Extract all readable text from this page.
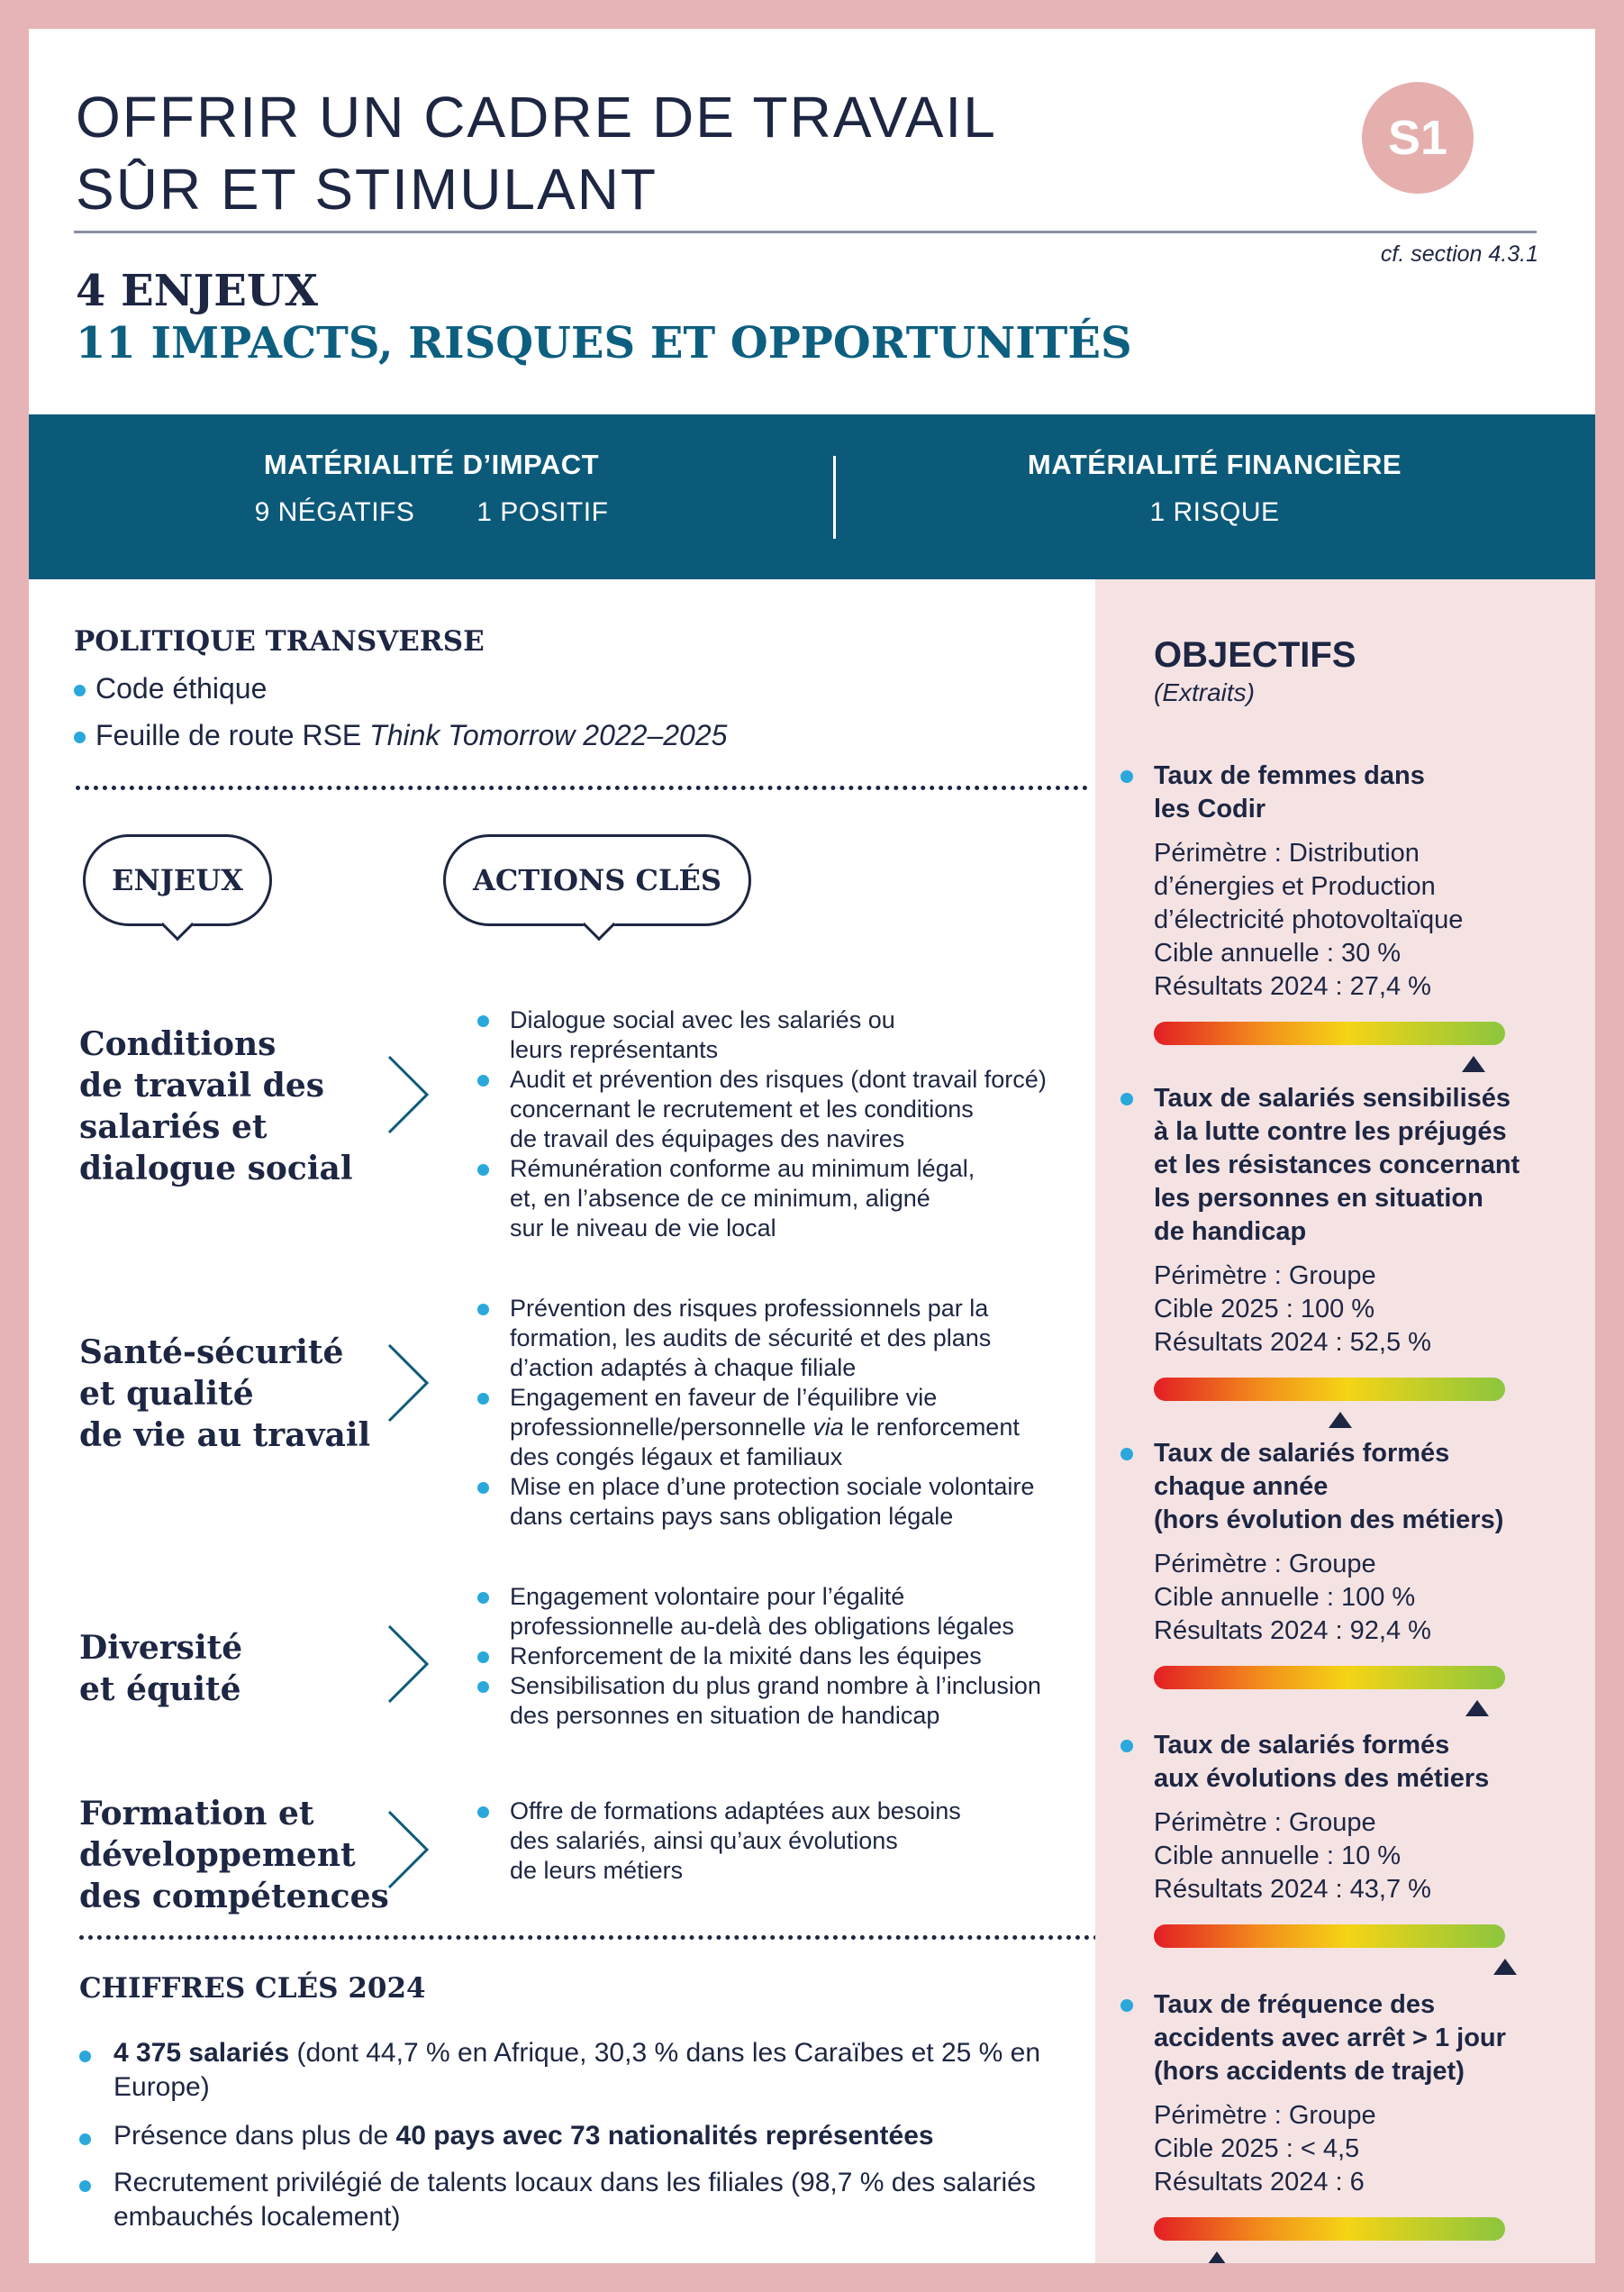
OFFRIR UN CADRE DE TRAVAIL
SÛR ET STIMULANT
S1
cf. section 4.3.1
4 ENJEUX
11 IMPACTS, RISQUES ET OPPORTUNITÉS
MATÉRIALITÉ D’IMPACT
9 NÉGATIFS 1 POSITIF
MATÉRIALITÉ FINANCIÈRE
1 RISQUE
POLITIQUE TRANSVERSE
Code éthique
Feuille de route RSE Think Tomorrow 2022–2025
ENJEUX	ACTIONS CLÉS
Conditions
de travail des
salariés et
dialogue social
Dialogue social avec les salariés ou
leurs représentants
Audit et prévention des risques (dont travail forcé)
concernant le recrutement et les conditions
de travail des équipages des navires
Rémunération conforme au minimum légal,
et, en l’absence de ce minimum, aligné
sur le niveau de vie local
Santé-sécurité
et qualité
de vie au travail
Prévention des risques professionnels par la
formation, les audits de sécurité et des plans
d’action adaptés à chaque filiale
Engagement en faveur de l’équilibre vie
professionnelle/personnelle via le renforcement
des congés légaux et familiaux
Mise en place d’une protection sociale volontaire
dans certains pays sans obligation légale
Diversité
et équité
Engagement volontaire pour l’égalité
professionnelle au-delà des obligations légales
Renforcement de la mixité dans les équipes
Sensibilisation du plus grand nombre à l’inclusion
des personnes en situation de handicap
Formation et
développement
des compétences
Offre de formations adaptées aux besoins
des salariés, ainsi qu’aux évolutions
de leurs métiers
CHIFFRES CLÉS 2024
4 375 salariés (dont 44,7 % en Afrique, 30,3 % dans les Caraïbes et 25 % en Europe)
Présence dans plus de 40 pays avec 73 nationalités représentées
Recrutement privilégié de talents locaux dans les filiales (98,7 % des salariés embauchés localement)
OBJECTIFS
(Extraits)
Taux de femmes dans
les Codir
Périmètre : Distribution
d’énergies et Production
d’électricité photovoltaïque
Cible annuelle : 30 %
Résultats 2024 : 27,4 %
Taux de salariés sensibilisés
à la lutte contre les préjugés
et les résistances concernant
les personnes en situation
de handicap
Périmètre : Groupe
Cible 2025 : 100 %
Résultats 2024 : 52,5 %
Taux de salariés formés
chaque année
(hors évolution des métiers)
Périmètre : Groupe
Cible annuelle : 100 %
Résultats 2024 : 92,4 %
Taux de salariés formés
aux évolutions des métiers
Périmètre : Groupe
Cible annuelle : 10 %
Résultats 2024 : 43,7 %
Taux de fréquence des
accidents avec arrêt > 1 jour
(hors accidents de trajet)
Périmètre : Groupe
Cible 2025 : < 4,5
Résultats 2024 : 6
